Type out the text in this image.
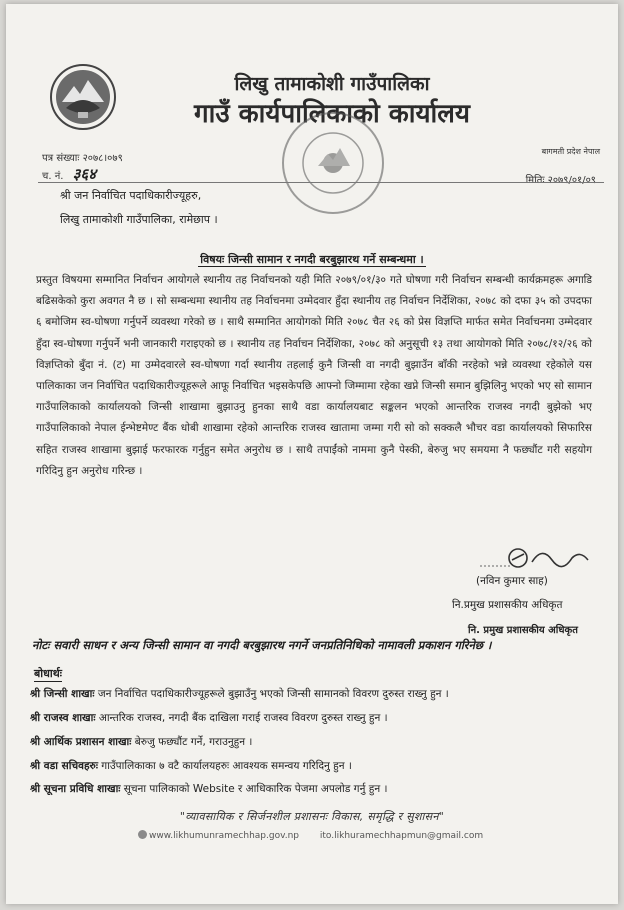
लिखु तामाकोशी गाउँपालिका
गाउँ कार्यपालिकाको कार्यालय
बागमती प्रदेश नेपाल
पत्र संख्याः २०७८।०७९
च. नं. ३६४	मितिः २०७९/०१/०९
श्री जन निर्वाचित पदाधिकारीज्यूहरु,
लिखु तामाकोशी गाउँपालिका, रामेछाप ।
विषयः जिन्सी सामान र नगदी बरबुझारथ गर्ने सम्बन्धमा ।
प्रस्तुत विषयमा सम्मानित निर्वाचन आयोगले स्थानीय तह निर्वाचनको यही मिति २०७९/०१/३० गते घोषणा गरी निर्वाचन सम्बन्धी कार्यक्रमहरू अगाडि बढिसकेको कुरा अवगत नै छ । सो सम्बन्धमा स्थानीय तह निर्वाचनमा उम्मेदवार हुँदा स्थानीय तह निर्वाचन निर्देशिका, २०७८ को दफा ३५ को उपदफा ६ बमोजिम स्व-घोषणा गर्नुपर्ने व्यवस्था गरेको छ । साथै सम्मानित आयोगको मिति २०७८ चैत २६ को प्रेस विज्ञप्ति मार्फत समेत निर्वाचनमा उम्मेदवार हुँदा स्व-घोषणा गर्नुपर्ने भनी जानकारी गराइएको छ । स्थानीय तह निर्वाचन निर्देशिका, २०७८ को अनुसूची १३ तथा आयोगको मिति २०७८/१२/२६ को विज्ञप्तिको बुँदा नं. (ट) मा उम्मेदवारले स्व-घोषणा गर्दा स्थानीय तहलाई कुनै जिन्सी वा नगदी बुझाउँन बाँकी नरहेको भन्ने व्यवस्था रहेकोले यस पालिकाका जन निर्वाचित पदाधिकारीज्यूहरूले आफू निर्वाचित भइसकेपछि आफ्नो जिम्मामा रहेका खप्ने जिन्सी समान बुझिलिनु भएको भए सो सामान गाउँपालिकाको कार्यालयको जिन्सी शाखामा बुझाउनु हुनका साथै वडा कार्यालयबाट सङ्कलन भएको आन्तरिक राजस्व नगदी बुझेको भए गाउँपालिकाको नेपाल ईन्भेष्टमेण्ट बैंक धोबी शाखामा रहेको आन्तरिक राजस्व खातामा जम्मा गरी सो को सक्कलै भौचर वडा कार्यालयको सिफारिस सहित राजस्व शाखामा बुझाई फरफारक गर्नुहुन समेत अनुरोध छ । साथै तपाईंको नाममा कुनै पेस्की, बेरुजु भए समयमा नै फछ्यौंट गरी सहयोग गरिदिनु हुन अनुरोध गरिन्छ ।
(नविन कुमार साह)
नि.प्रमुख प्रशासकीय अधिकृत
नि. प्रमुख प्रशासकीय अधिकृत
नोटः सवारी साधन र अन्य जिन्सी सामान वा नगदी बरबुझारथ नगर्ने जनप्रतिनिधिको नामावली प्रकाशन गरिनेछ ।
बोधार्थः
श्री जिन्सी शाखाः जन निर्वाचित पदाधिकारीज्यूहरूले बुझाउँनु भएको जिन्सी सामानको विवरण दुरुस्त राख्नु हुन ।
श्री राजस्व शाखाः आन्तरिक राजस्व, नगदी बैंक दाखिला गराई राजस्व विवरण दुरुस्त राख्नु हुन ।
श्री आर्थिक प्रशासन शाखाः बेरुजु फछ्यौंट गर्ने, गराउनुहुन ।
श्री वडा सचिवहरुः गाउँपालिकाका ७ वटै कार्यालयहरुः आवश्यक समन्वय गरिदिनु हुन ।
श्री सूचना प्रविधि शाखाः सूचना पालिकाको Website र आधिकारिक पेजमा अपलोड गर्नु हुन ।
"व्यावसायिक र सिर्जनशील प्रशासनः विकास, समृद्धि र सुशासन"
www.likhumunramechhap.gov.np ito.likhuramechhapmun@gmail.com
